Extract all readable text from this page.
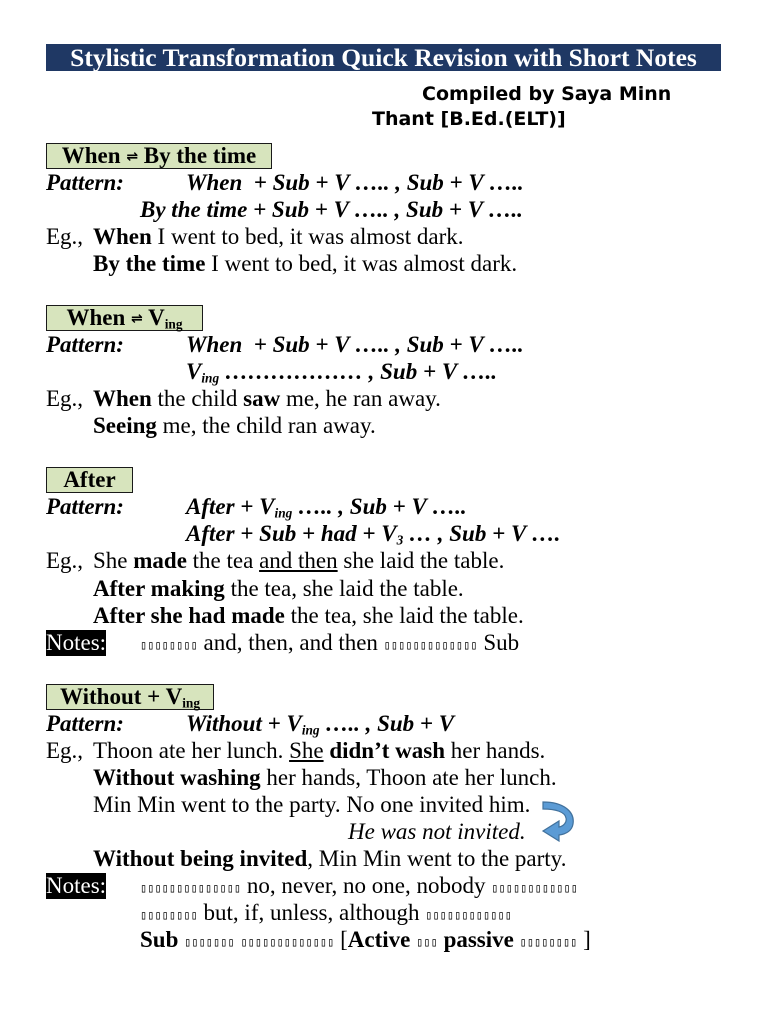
Stylistic Transformation Quick Revision with Short Notes
Compiled by Saya Minn
Thant [B.Ed.(ELT)]
When ⇌ By the time
Pattern:	When  + Sub + V ….. , Sub + V …..
By the time + Sub + V ….. , Sub + V …..
Eg., When I went to bed, it was almost dark.
By the time I went to bed, it was almost dark.
When ⇌ Ving
Pattern:	When  + Sub + V ….. , Sub + V …..
Ving ……………… , Sub + V …..
Eg., When the child saw me, he ran away.
Seeing me, the child ran away.
After
Pattern:	After + Ving ….. , Sub + V …..
After + Sub + had + V3 … , Sub + V ….
Eg., She made the tea and then she laid the table.
After making the tea, she laid the table.
After she had made the tea, she laid the table.
Notes:	▯▯▯▯▯▯▯▯ and, then, and then ▯▯▯▯▯▯▯▯▯▯▯▯▯ Sub
Without + Ving
Pattern:	Without + Ving ….. , Sub + V
Eg., Thoon ate her lunch. She didn’t wash her hands.
Without washing her hands, Thoon ate her lunch.
Min Min went to the party. No one invited him.
He was not invited.
Without being invited, Min Min went to the party.
Notes:	▯▯▯▯▯▯▯▯▯▯▯▯▯▯ no, never, no one, nobody ▯▯▯▯▯▯▯▯▯▯▯▯
▯▯▯▯▯▯▯▯ but, if, unless, although ▯▯▯▯▯▯▯▯▯▯▯▯
Sub ▯▯▯▯▯▯▯ ▯▯▯▯▯▯▯▯▯▯▯▯▯ [Active ▯▯▯ passive ▯▯▯▯▯▯▯▯ ]
